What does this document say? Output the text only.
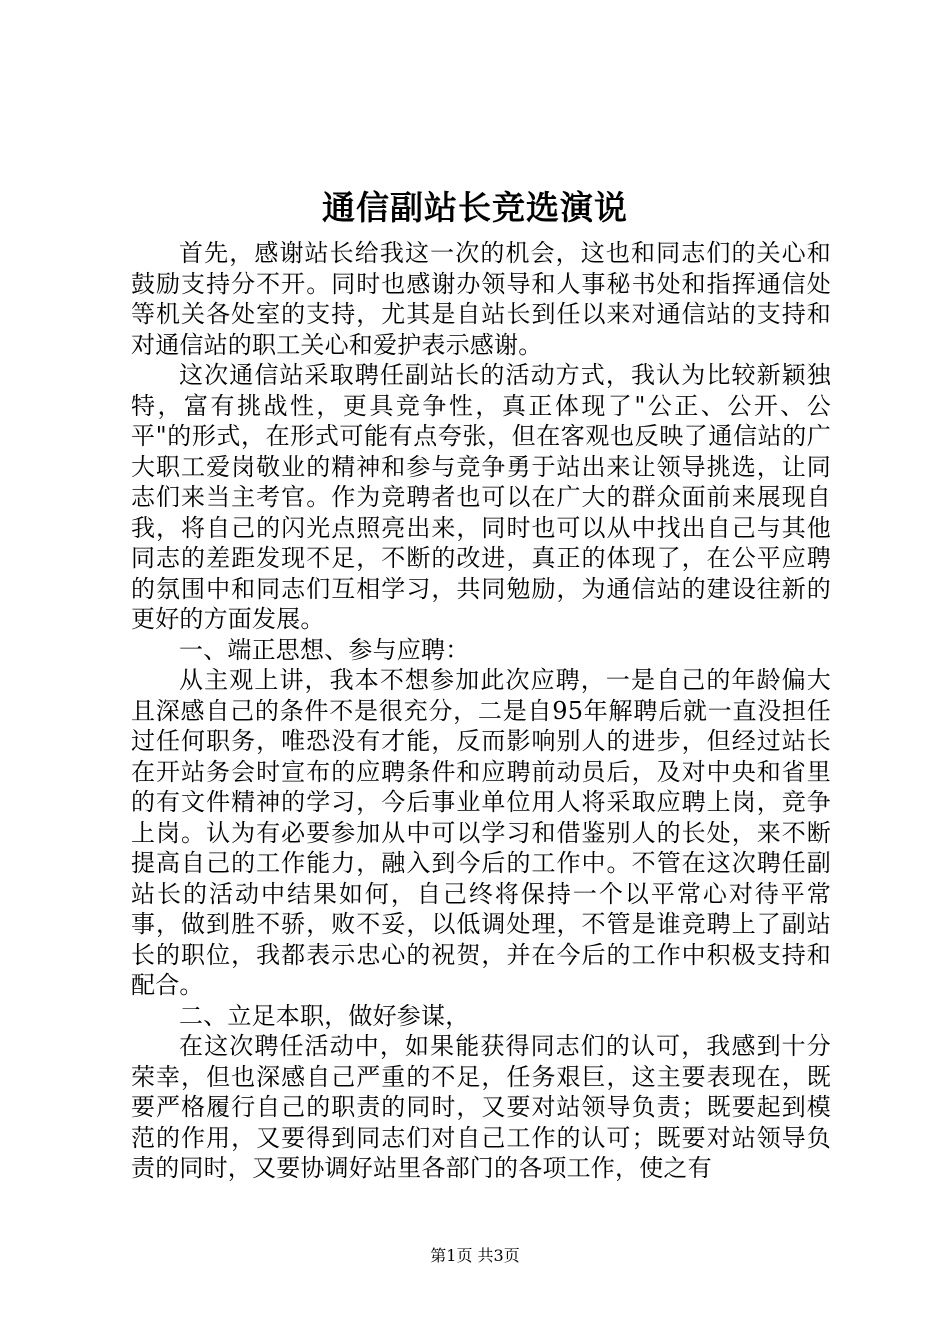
通信副站长竞选演说

首先，感谢站长给我这一次的机会，这也和同志们的关心和鼓励支持分不开。同时也感谢办领导和人事秘书处和指挥通信处等机关各处室的支持，尤其是自站长到任以来对通信站的支持和对通信站的职工关心和爱护表示感谢。

这次通信站采取聘任副站长的活动方式，我认为比较新颖独特，富有挑战性，更具竞争性，真正体现了"公正、公开、公平"的形式，在形式可能有点夸张，但在客观也反映了通信站的广大职工爱岗敬业的精神和参与竞争勇于站出来让领导挑选，让同志们来当主考官。作为竞聘者也可以在广大的群众面前来展现自我，将自己的闪光点照亮出来，同时也可以从中找出自己与其他同志的差距发现不足，不断的改进，真正的体现了，在公平应聘的氛围中和同志们互相学习，共同勉励，为通信站的建设往新的更好的方面发展。

一、端正思想、参与应聘：

从主观上讲，我本不想参加此次应聘，一是自己的年龄偏大且深感自己的条件不是很充分，二是自95年解聘后就一直没担任过任何职务，唯恐没有才能，反而影响别人的进步，但经过站长在开站务会时宣布的应聘条件和应聘前动员后，及对中央和省里的有文件精神的学习，今后事业单位用人将采取应聘上岗，竞争上岗。认为有必要参加从中可以学习和借鉴别人的长处，来不断提高自己的工作能力，融入到今后的工作中。不管在这次聘任副站长的活动中结果如何，自己终将保持一个以平常心对待平常事，做到胜不骄，败不妥，以低调处理，不管是谁竞聘上了副站长的职位，我都表示忠心的祝贺，并在今后的工作中积极支持和配合。

二、立足本职，做好参谋，

在这次聘任活动中，如果能获得同志们的认可，我感到十分荣幸，但也深感自己严重的不足，任务艰巨，这主要表现在，既要严格履行自己的职责的同时，又要对站领导负责；既要起到模范的作用，又要得到同志们对自己工作的认可；既要对站领导负责的同时，又要协调好站里各部门的各项工作，使之有

第1页 共3页
